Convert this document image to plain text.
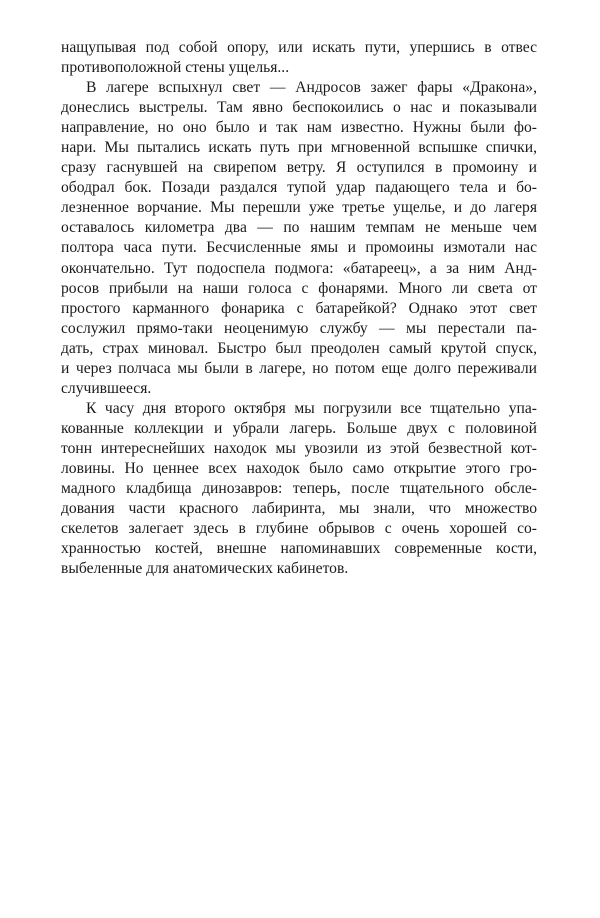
нащупывая под собой опору, или искать пути, упершись в отвес
противоположной стены ущелья...
В лагере вспыхнул свет — Андросов зажег фары «Дракона»,
донеслись выстрелы. Там явно беспокоились о нас и показывали
направление, но оно было и так нам известно. Нужны были фо-
нари. Мы пытались искать путь при мгновенной вспышке спички,
сразу гаснувшей на свирепом ветру. Я оступился в промоину и
ободрал бок. Позади раздался тупой удар падающего тела и бо-
лезненное ворчание. Мы перешли уже третье ущелье, и до лагеря
оставалось километра два — по нашим темпам не меньше чем
полтора часа пути. Бесчисленные ямы и промоины измотали нас
окончательно. Тут подоспела подмога: «батареец», а за ним Анд-
росов прибыли на наши голоса с фонарями. Много ли света от
простого карманного фонарика с батарейкой? Однако этот свет
сослужил прямо-таки неоценимую службу — мы перестали па-
дать, страх миновал. Быстро был преодолен самый крутой спуск,
и через полчаса мы были в лагере, но потом еще долго переживали
случившееся.
К часу дня второго октября мы погрузили все тщательно упа-
кованные коллекции и убрали лагерь. Больше двух с половиной
тонн интереснейших находок мы увозили из этой безвестной кот-
ловины. Но ценнее всех находок было само открытие этого гро-
мадного кладбища динозавров: теперь, после тщательного обсле-
дования части красного лабиринта, мы знали, что множество
скелетов залегает здесь в глубине обрывов с очень хорошей со-
хранностью костей, внешне напоминавших современные кости,
выбеленные для анатомических кабинетов.
